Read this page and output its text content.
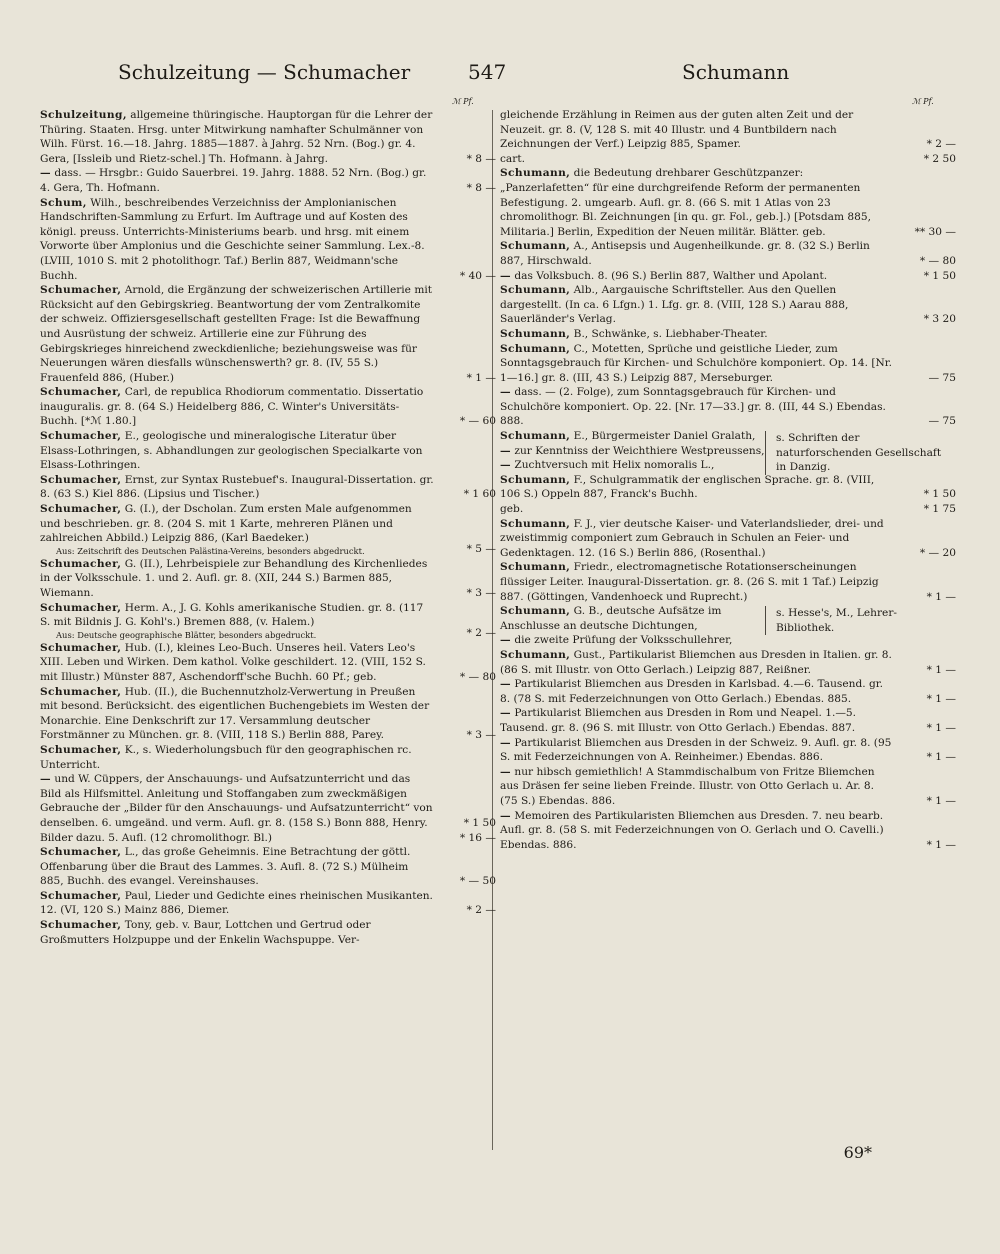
Schulzeitung — Schumacher	547	Schumann
ℳ Pf.
Schulzeitung, allgemeine thüringische. Hauptorgan für die Lehrer der Thüring. Staaten. Hrsg. unter Mitwirkung namhafter Schulmänner von Wilh. Fürst. 16.—18. Jahrg. 1885—1887. à Jahrg. 52 Nrn. (Bog.) gr. 4. Gera, [Issleib und Rietz-schel.] Th. Hofmann. à Jahrg.	* 8 —
— dass. — Hrsgbr.: Guido Sauerbrei. 19. Jahrg. 1888. 52 Nrn. (Bog.) gr. 4. Gera, Th. Hofmann.	* 8 —
Schum, Wilh., beschreibendes Verzeichniss der Amplonianischen Handschriften-Sammlung zu Erfurt. Im Auftrage und auf Kosten des königl. preuss. Unterrichts-Ministeriums bearb. und hrsg. mit einem Vorworte über Amplonius und die Geschichte seiner Sammlung. Lex.-8. (LVIII, 1010 S. mit 2 photolithogr. Taf.) Berlin 887, Weidmann'sche Buchh.	* 40 —
Schumacher, Arnold, die Ergänzung der schweizerischen Artillerie mit Rücksicht auf den Gebirgskrieg. Beantwortung der vom Zentralkomite der schweiz. Offiziersgesellschaft gestellten Frage: Ist die Bewaffnung und Ausrüstung der schweiz. Artillerie eine zur Führung des Gebirgskrieges hinreichend zweckdienliche; beziehungsweise was für Neuerungen wären diesfalls wünschenswerth? gr. 8. (IV, 55 S.) Frauenfeld 886, (Huber.)	* 1 —
Schumacher, Carl, de republica Rhodiorum commentatio. Dissertatio inauguralis. gr. 8. (64 S.) Heidelberg 886, C. Winter's Universitäts-Buchh. [*ℳ 1.80.]	* — 60
Schumacher, E., geologische und mineralogische Literatur über Elsass-Lothringen, s. Abhandlungen zur geologischen Specialkarte von Elsass-Lothringen.
Schumacher, Ernst, zur Syntax Rustebuef's. Inaugural-Dissertation. gr. 8. (63 S.) Kiel 886. (Lipsius und Tischer.)	* 1 60
Schumacher, G. (I.), der Dscholan. Zum ersten Male aufgenommen und beschrieben. gr. 8. (204 S. mit 1 Karte, mehreren Plänen und zahlreichen Abbild.) Leipzig 886, (Karl Baedeker.)
* 5 —
Aus: Zeitschrift des Deutschen Palästina-Vereins, besonders abgedruckt.
Schumacher, G. (II.), Lehrbeispiele zur Behandlung des Kirchenliedes in der Volksschule. 1. und 2. Aufl. gr. 8. (XII, 244 S.) Barmen 885, Wiemann.	* 3 —
Schumacher, Herm. A., J. G. Kohls amerikanische Studien. gr. 8. (117 S. mit Bildnis J. G. Kohl's.) Bremen 888, (v. Halem.)
* 2 —
Aus: Deutsche geographische Blätter, besonders abgedruckt.
Schumacher, Hub. (I.), kleines Leo-Buch. Unseres heil. Vaters Leo's XIII. Leben und Wirken. Dem kathol. Volke geschildert. 12. (VIII, 152 S. mit Illustr.) Münster 887, Aschendorff'sche Buchh. 60 Pf.; geb.	* — 80
Schumacher, Hub. (II.), die Buchennutzholz-Verwertung in Preußen mit besond. Berücksicht. des eigentlichen Buchengebiets im Westen der Monarchie. Eine Denkschrift zur 17. Versammlung deutscher Forstmänner zu München. gr. 8. (VIII, 118 S.) Berlin 888, Parey.	* 3 —
Schumacher, K., s. Wiederholungsbuch für den geographischen rc. Unterricht.
— und W. Cüppers, der Anschauungs- und Aufsatzunterricht und das Bild als Hilfsmittel. Anleitung und Stoffangaben zum zweckmäßigen Gebrauche der „Bilder für den Anschauungs- und Aufsatzunterricht“ von denselben. 6. umgeänd. und verm. Aufl. gr. 8. (158 S.) Bonn 888, Henry.	* 1 50
Bilder dazu. 5. Aufl. (12 chromolithogr. Bl.)	* 16 —
Schumacher, L., das große Geheimnis. Eine Betrachtung der göttl. Offenbarung über die Braut des Lammes. 3. Aufl. 8. (72 S.) Mülheim 885, Buchh. des evangel. Vereinshauses.	* — 50
Schumacher, Paul, Lieder und Gedichte eines rheinischen Musikanten. 12. (VI, 120 S.) Mainz 886, Diemer.	* 2 —
Schumacher, Tony, geb. v. Baur, Lottchen und Gertrud oder Großmutters Holzpuppe und der Enkelin Wachspuppe. Ver-
ℳ Pf.
gleichende Erzählung in Reimen aus der guten alten Zeit und der Neuzeit. gr. 8. (V, 128 S. mit 40 Illustr. und 4 Buntbildern nach Zeichnungen der Verf.) Leipzig 885, Spamer.	* 2 —
cart.	* 2 50
Schumann, die Bedeutung drehbarer Geschützpanzer: „Panzerlafetten“ für eine durchgreifende Reform der permanenten Befestigung. 2. umgearb. Aufl. gr. 8. (66 S. mit 1 Atlas von 23 chromolithogr. Bl. Zeichnungen [in qu. gr. Fol., geb.].) [Potsdam 885, Militaria.] Berlin, Expedition der Neuen militär. Blätter. geb.	** 30 —
Schumann, A., Antisepsis und Augenheilkunde. gr. 8. (32 S.) Berlin 887, Hirschwald.	* — 80
— das Volksbuch. 8. (96 S.) Berlin 887, Walther und Apolant.	* 1 50
Schumann, Alb., Aargauische Schriftsteller. Aus den Quellen dargestellt. (In ca. 6 Lfgn.) 1. Lfg. gr. 8. (VIII, 128 S.) Aarau 888, Sauerländer's Verlag.	* 3 20
Schumann, B., Schwänke, s. Liebhaber-Theater.
Schumann, C., Motetten, Sprüche und geistliche Lieder, zum Sonntagsgebrauch für Kirchen- und Schulchöre komponiert. Op. 14. [Nr. 1—16.] gr. 8. (III, 43 S.) Leipzig 887, Merseburger.	— 75
— dass. — (2. Folge), zum Sonntagsgebrauch für Kirchen- und Schulchöre komponiert. Op. 22. [Nr. 17—33.] gr. 8. (III, 44 S.) Ebendas. 888.	— 75
Schumann, E., Bürgermeister Daniel Gralath,
— zur Kenntniss der Weichthiere Westpreussens,
— Zuchtversuch mit Helix nomoralis L.,
s. Schriften der naturforschenden Gesellschaft in Danzig.
Schumann, F., Schulgrammatik der englischen Sprache. gr. 8. (VIII, 106 S.) Oppeln 887, Franck's Buchh.	* 1 50
geb.	* 1 75
Schumann, F. J., vier deutsche Kaiser- und Vaterlandslieder, drei- und zweistimmig componiert zum Gebrauch in Schulen an Feier- und Gedenktagen. 12. (16 S.) Berlin 886, (Rosenthal.)	* — 20
Schumann, Friedr., electromagnetische Rotationserscheinungen flüssiger Leiter. Inaugural-Dissertation. gr. 8. (26 S. mit 1 Taf.) Leipzig 887. (Göttingen, Vandenhoeck und Ruprecht.)	* 1 —
Schumann, G. B., deutsche Aufsätze im Anschlusse an deutsche Dichtungen,
— die zweite Prüfung der Volksschullehrer,
s. Hesse's, M., Lehrer-Bibliothek.
Schumann, Gust., Partikularist Bliemchen aus Dresden in Italien. gr. 8. (86 S. mit Illustr. von Otto Gerlach.) Leipzig 887, Reißner.	* 1 —
— Partikularist Bliemchen aus Dresden in Karlsbad. 4.—6. Tausend. gr. 8. (78 S. mit Federzeichnungen von Otto Gerlach.) Ebendas. 885.	* 1 —
— Partikularist Bliemchen aus Dresden in Rom und Neapel. 1.—5. Tausend. gr. 8. (96 S. mit Illustr. von Otto Gerlach.) Ebendas. 887.	* 1 —
— Partikularist Bliemchen aus Dresden in der Schweiz. 9. Aufl. gr. 8. (95 S. mit Federzeichnungen von A. Reinheimer.) Ebendas. 886.	* 1 —
— nur hibsch gemiethlich! A Stammdischalbum von Fritze Bliemchen aus Dräsen fer seine lieben Freinde. Illustr. von Otto Gerlach u. Ar. 8. (75 S.) Ebendas. 886.	* 1 —
— Memoiren des Partikularisten Bliemchen aus Dresden. 7. neu bearb. Aufl. gr. 8. (58 S. mit Federzeichnungen von O. Gerlach und O. Cavelli.) Ebendas. 886.	* 1 —
69*
